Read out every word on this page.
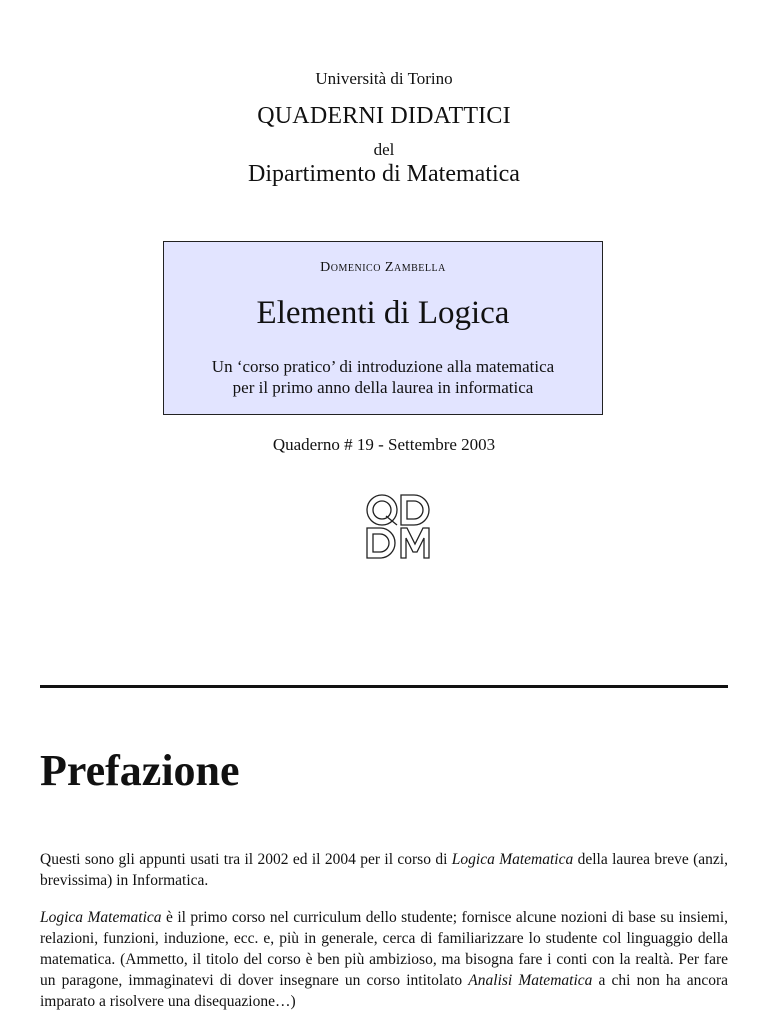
Università di Torino
QUADERNI DIDATTICI
del
Dipartimento di Matematica
Domenico Zambella
Elementi di Logica
Un ‘corso pratico’ di introduzione alla matematica
per il primo anno della laurea in informatica
Quaderno # 19 - Settembre 2003
Prefazione

Questi sono gli appunti usati tra il 2002 ed il 2004 per il corso di Logica Matematica della laurea breve (anzi, brevissima) in Informatica.

Logica Matematica è il primo corso nel curriculum dello studente; fornisce alcune nozioni di base su insiemi, relazioni, funzioni, induzione, ecc. e, più in generale, cerca di familiarizzare lo studente col linguaggio della matematica. (Ammetto, il titolo del corso è ben più ambizioso, ma bisogna fare i conti con la realtà. Per fare un paragone, immaginatevi di dover insegnare un corso intitolato Analisi Matematica a chi non ha ancora imparato a risolvere una disequazione…)
